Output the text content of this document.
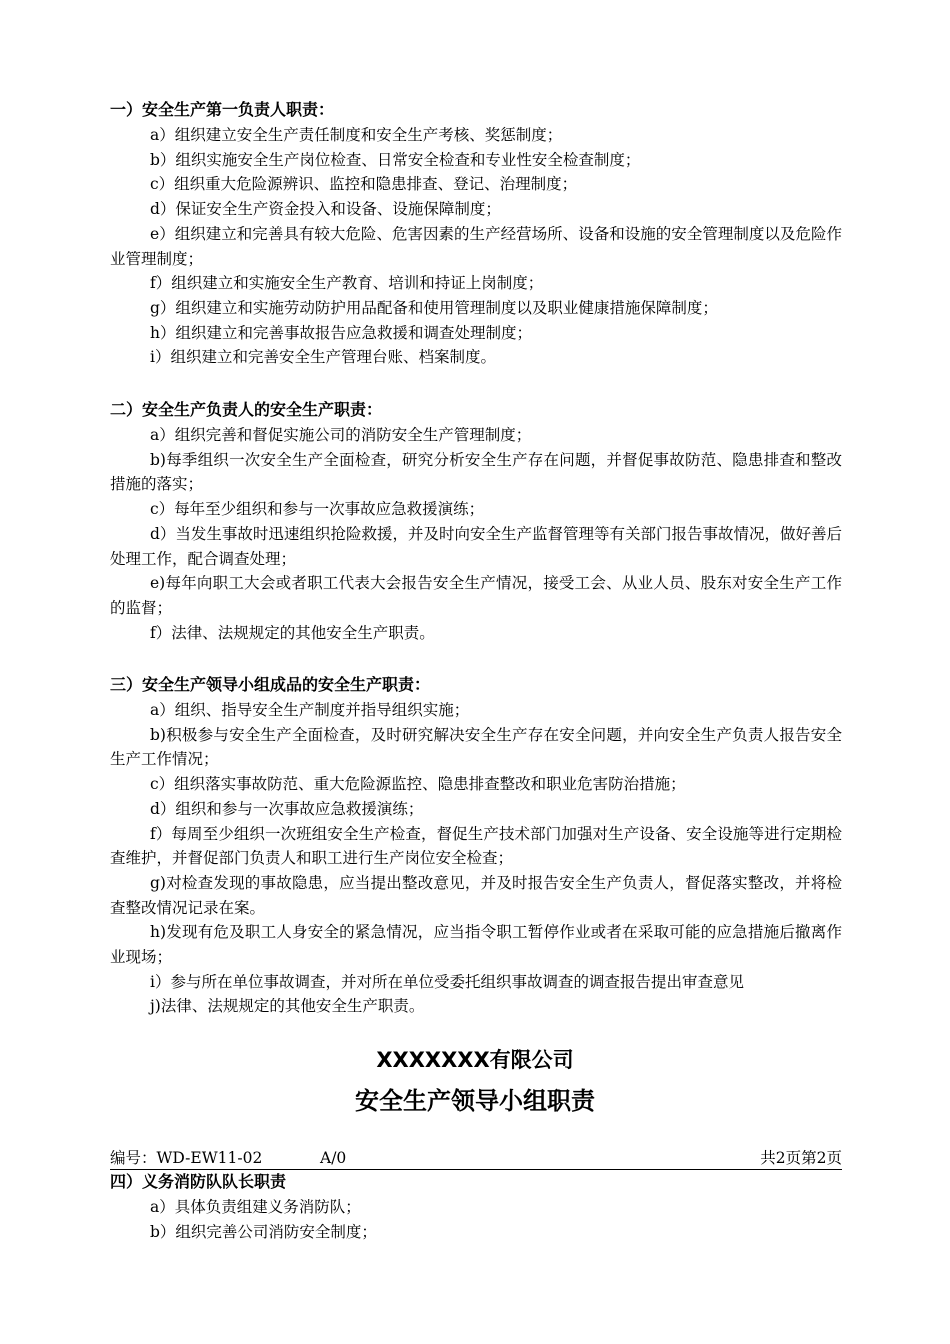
一）安全生产第一负责人职责：

a）组织建立安全生产责任制度和安全生产考核、奖惩制度；

b）组织实施安全生产岗位检查、日常安全检查和专业性安全检查制度；

c）组织重大危险源辨识、监控和隐患排查、登记、治理制度；

d）保证安全生产资金投入和设备、设施保障制度；

e）组织建立和完善具有较大危险、危害因素的生产经营场所、设备和设施的安全管理制度以及危险作业管理制度；

f）组织建立和实施安全生产教育、培训和持证上岗制度；

g）组织建立和实施劳动防护用品配备和使用管理制度以及职业健康措施保障制度；

h）组织建立和完善事故报告应急救援和调查处理制度；

i）组织建立和完善安全生产管理台账、档案制度。

二）安全生产负责人的安全生产职责：

a）组织完善和督促实施公司的消防安全生产管理制度；

b)每季组织一次安全生产全面检查，研究分析安全生产存在问题，并督促事故防范、隐患排查和整改措施的落实；

c）每年至少组织和参与一次事故应急救援演练；

d）当发生事故时迅速组织抢险救援，并及时向安全生产监督管理等有关部门报告事故情况，做好善后处理工作，配合调查处理；

e)每年向职工大会或者职工代表大会报告安全生产情况，接受工会、从业人员、股东对安全生产工作的监督；

f）法律、法规规定的其他安全生产职责。

三）安全生产领导小组成品的安全生产职责：

a）组织、指导安全生产制度并指导组织实施；

b)积极参与安全生产全面检查，及时研究解决安全生产存在安全问题，并向安全生产负责人报告安全生产工作情况；

c）组织落实事故防范、重大危险源监控、隐患排查整改和职业危害防治措施；

d）组织和参与一次事故应急救援演练；

f）每周至少组织一次班组安全生产检查，督促生产技术部门加强对生产设备、安全设施等进行定期检查维护，并督促部门负责人和职工进行生产岗位安全检查；

g)对检查发现的事故隐患，应当提出整改意见，并及时报告安全生产负责人，督促落实整改，并将检查整改情况记录在案。

h)发现有危及职工人身安全的紧急情况，应当指令职工暂停作业或者在采取可能的应急措施后撤离作业现场；

i）参与所在单位事故调查，并对所在单位受委托组织事故调查的调查报告提出审查意见

j)法律、法规规定的其他安全生产职责。

XXXXXXX有限公司
安全生产领导小组职责
编号：WD-EW11-02	A/0	共2页第2页

四）义务消防队队长职责

a）具体负责组建义务消防队；

b）组织完善公司消防安全制度；
